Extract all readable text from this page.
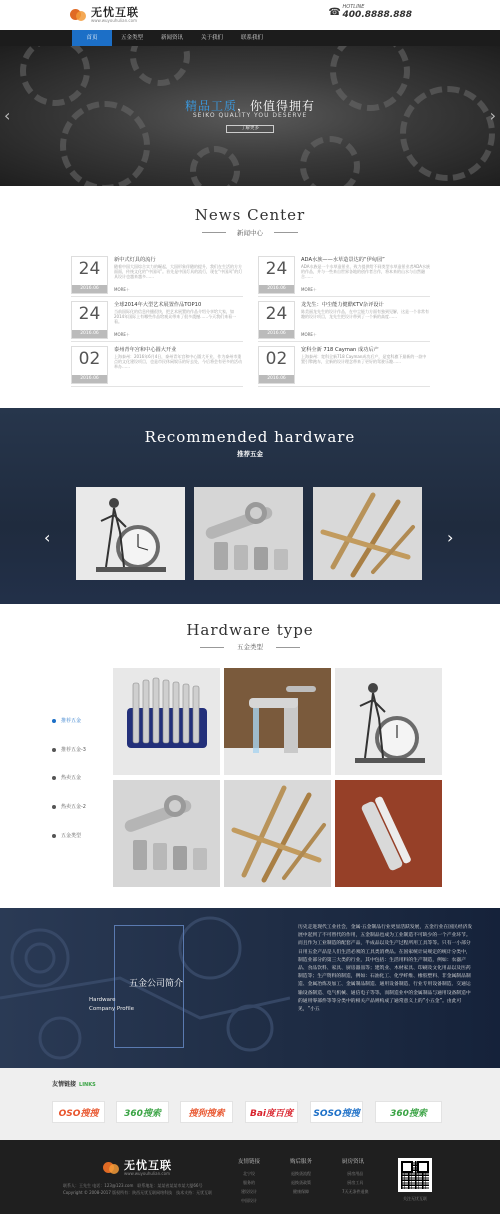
无忧互联
www.wuyouhulian.com
☎ HOTLINE
400.8888.888
首页	五金类型	新闻资讯	关于我们	联系我们
精品工质，你值得拥有
SEIKO QUALITY YOU DESERVE
了解更多
‹	›
News Center
新闻中心
24
2016.06
新中式灯具的流行
随着中国大国综合实力的崛起，大国形象伴随的提升，我们在生活的方方面面，传统文化的“中国风”。首先是中国灯具的流行，现在“中国风”的灯具设计也越来越多……
MORE＋
24
2016.06
ADA水族——水草造景达的“伊甸园”
ADA水族是一个水草造景业，致力提供给不同类型水草造景业者ADA水族的作品，并与一些来自世界各地的创作者合作，将本来的山水与自然融合……
MORE＋
24
2016.06
全球2014年大型艺术展置作品TOP10
当前国际化的信息传播很快，把艺术展置的作品介绍分享给大家，如2014年国际上有哪些作品给观众带来了很多震撼……今天我们来看一看。
MORE＋
24
2016.06
龙先生：中尘能力健酷€TV杂评设计
陈美丽龙先生的设计作品，在中尘能力方面有独到见解，这是一个非常有趣的设计项目，龙先生把设计带到了一个新的高度……
MORE＋
02
2016.06
泰州青年宫和中心圆大开业
上海泰州：2016年6月4日，泰州青年宫和中心圆大开业，作为泰州市重点的文化建设项目，也是市民休闲娱乐的好去处，今后将会有更多的活动举办……	02
2016.06
宽科全新 718 Cayman 成功后产
上海泰州：宽科全新718 Cayman成功后产，是宽科旗下最新的一款中置引擎跑车，全新的设计理念带来了更好的驾驶乐趣……
Recommended hardware
推荐五金
‹	›
Hardware type
五金类型
推荐五金
推荐五金-3
热卖五金
热卖五金-2
五金类型
五金公司简介
Hardware
Company Profile
历史走进现代工业社会，金属·五金制品行业更显活跃发展，五金行业在国民经济发展中起到了不可替代的作用，五金制品也成为工业制造不可缺少的一个产业环节。而且作为工业制造的配套产品，半成品以及生产过程所用工具等等。只有一小部分日用五金产品是人们生活必须的工具类消费品。在国家统计局规定的统计分类中，制造业部分的第三大类的行业，其中包括：生活用料的生产制造，例如：农器产品、食品饮料、家具、厨房器皿等；建筑业、木材家具、印刷及文化用品以及医药制造等；生产资料的制造，例如：石油化工、化学纤维、橡胶塑料、非金属制品制造、金属冶炼及加工、金属制品制造、通用设备制造、行业专用设备制造、交通运输设备制造、电气机械、通信电子等等。而制造业中的金属制品与通用设备制造中的通用零部件等等分类中的相关产品则构成了通常意义上的“小五金”。由此可见，“小五
友情链接 LINKS
OSO搜搜	360搜索	搜狗搜索	Bai度百度	SOSO搜搜	360搜索
无忧互联
www.wuyouhulian.com
联系人：王先生 电话：123@123.com　联系地址：某某省某某市某大厦66号
Copyright © 2008-2017 版权所有：陕西无忧互联网络科技　技术支持：无忧互联
友情链接
北宁设
服务的
建设设计
中国设计
购后服务
退换货流程
退换货政策
健康保障
厨房资讯
厨房用品
厨房工具
7天无条件退换
关注无忧互联
